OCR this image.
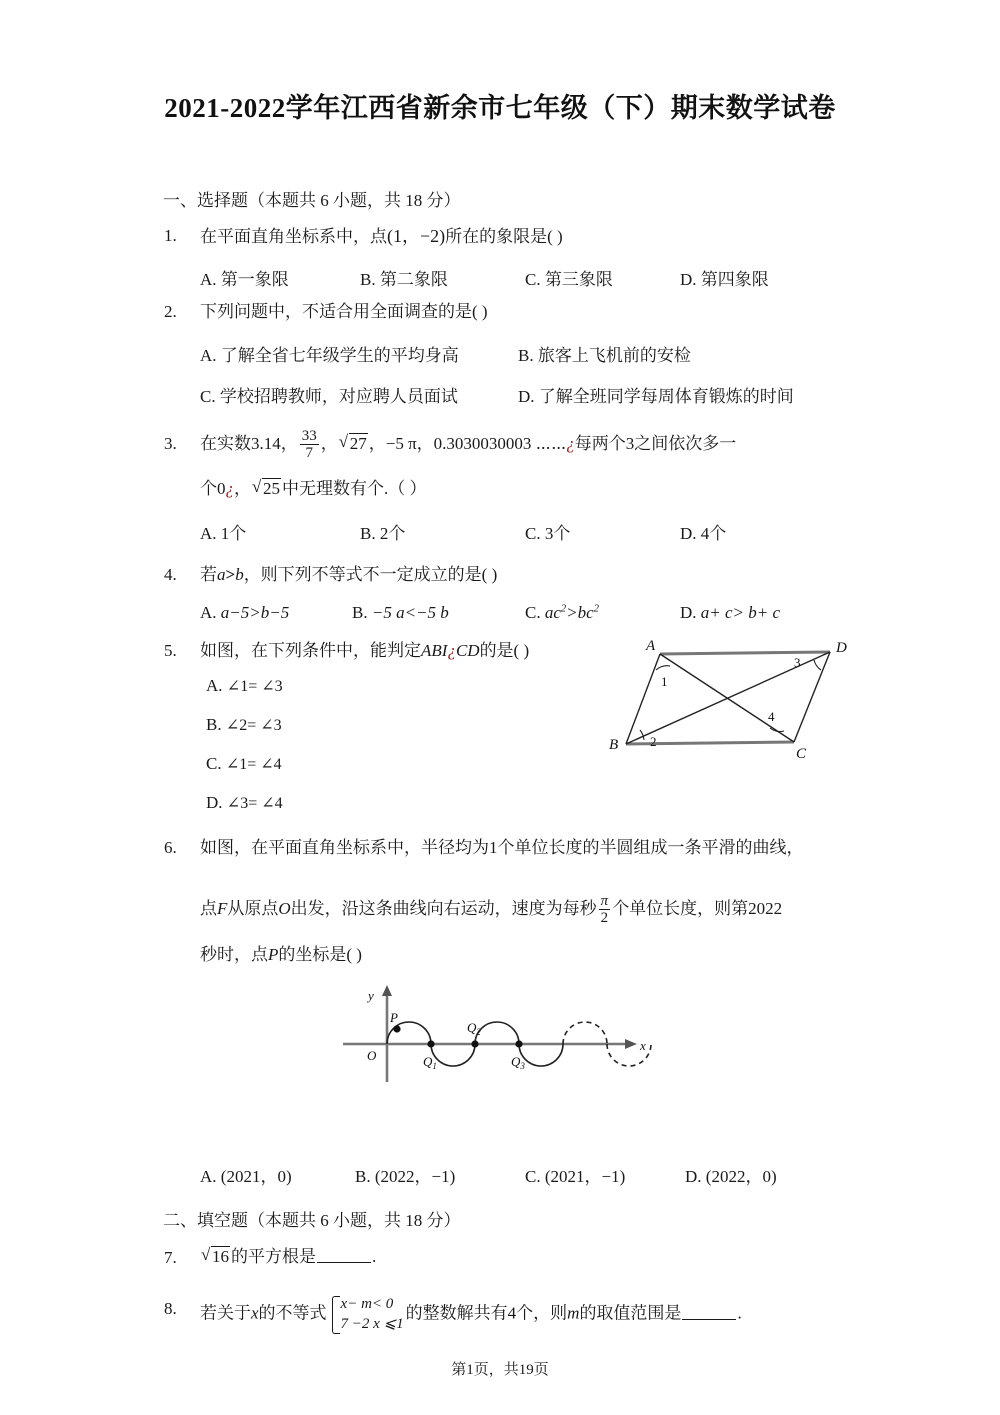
2021-2022学年江西省新余市七年级（下）期末数学试卷
一、选择题（本题共 6 小题，共 18 分）
1. 在平面直角坐标系中，点(1，−2)所在的象限是( )
A. 第一象限	B. 第二象限	C. 第三象限	D. 第四象限
2. 下列问题中，不适合用全面调查的是( )
A. 了解全省七年级学生的平均身高	B. 旅客上飞机前的安检
C. 学校招聘教师，对应聘人员面试	D. 了解全班同学每周体育锻炼的时间
3. 在实数3.14， $\frac{33}{7}$ ， √ 27 ，−5 π，0.3030030003 ⋯⋯¿每两个3之间依次多一
个0¿， √ 25 中无理数有个.（ ）
A. 1个	B. 2个	C. 3个	D. 4个
4. 若a>b，则下列不等式不一定成立的是( )
A. a−5>b−5	B. −5 a<−5 b	C. $ac^2>bc^2$	D. a+ c> b+ c
5. 如图，在下列条件中，能判定ABI¿CD的是( )
A. ∠1= ∠3
B. ∠2= ∠3
C. ∠1= ∠4
D. ∠3= ∠4
A	D
B
C
1
2
3
4
6. 如图，在平面直角坐标系中，半径均为1个单位长度的半圆组成一条平滑的曲线，
点F从原点O出发，沿这条曲线向右运动，速度为每秒 $\frac{\pi}{2}$ 个单位长度，则第2022
秒时，点P的坐标是( )
P
O
y
x
$Q_1$
$Q_2$
$Q_3$
A. (2021，0)	B. (2022，−1)	C. (2021，−1)	D. (2022，0)
二、填空题（本题共 6 小题，共 18 分）
7.	√ 16 的平方根是	.
8. 若关于x的不等式 x− m< 0
7 −2 x ⩽1
的整数解共有4个，则m的取值范围是	.
第1页，共19页
